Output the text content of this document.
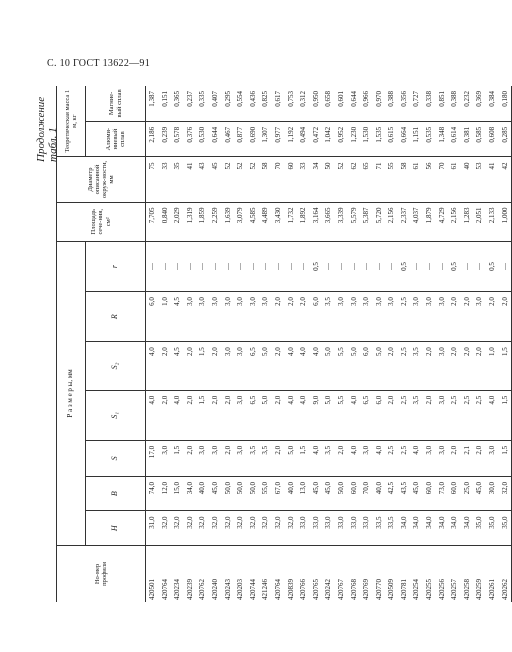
С. 10 ГОСТ 13622—91
Продолжение табл. 1
Но-мер
профиля	Р а з м е р ы, мм							Площадь сече-ния, см²	Диаметр описанной окруж-ности, мм	Теоретическая масса 1 м, кг	
	H	B	S	S₁	S₂	R	r			Алюми-ниевый сплав	Магние-вый сплав
420501	31,0	74,0	17,0	4,0	4,0	6,0	—	7,705	75	2,186	1,387
420764	32,0	12,0	3,0	2,0	2,0	1,0	—	0,840	33	0,239	0,151
420234	32,0	15,0	1,5	4,0	4,5	4,5	—	2,029	35	0,578	0,365
420239	32,0	34,0	2,0	2,0	2,0	3,0	—	1,319	41	0,376	0,237
420762	32,0	40,0	3,0	1,5	1,5	3,0	—	1,859	43	0,530	0,335
420240	32,0	45,0	3,0	2,0	2,0	3,0	—	2,259	45	0,644	0,407
420243	32,0	50,0	2,0	2,0	3,0	3,0	—	1,639	52	0,467	0,295
420203	32,0	50,0	3,0	3,0	3,0	3,0	—	3,079	52	0,877	0,554
420744	32,0	50,0	3,5	6,5	6,5	3,0	—	4,585	52	0,690	0,436
421246	32,0	55,0	3,5	5,0	5,0	3,0	—	4,489	58	1,307	0,825
420764	32,0	67,0	2,0	2,0	2,0	2,0	—	3,430	70	0,977	0,617
420839	32,0	40,0	5,0	4,0	4,0	2,0	—	1,732	60	1,192	0,753
420766	33,0	13,0	1,5	4,0	4,0	2,0	—	1,892	33	0,494	0,312
420765	33,0	45,0	4,0	9,0	4,0	6,0	0,5	3,164	34	0,472	0,950
420242	33,0	45,0	3,5	5,0	5,0	3,5	—	3,665	50	1,042	0,658
420767	33,0	50,0	2,0	5,5	5,5	3,0	—	3,339	52	0,952	0,601
420768	33,0	60,0	4,0	4,0	5,0	3,0	—	5,579	62	1,230	0,644
420769	33,0	70,0	3,0	6,5	6,0	3,0	—	5,387	65	1,530	0,966
420770	33,5	40,0	4,0	6,0	5,0	3,0	—	5,720	71	1,535	0,970
420509	33,5	42,5	2,5	2,0	2,0	3,0	—	2,156	55	0,615	0,388
420781	34,0	43,5	2,5	2,5	2,5	2,5	0,5	2,337	58	0,664	0,356
420254	34,0	45,0	4,0	3,5	3,5	3,0	—	4,037	61	1,151	0,727
420255	34,0	60,0	3,0	2,0	2,0	3,0	—	1,879	56	0,535	0,338
420256	34,0	73,0	3,0	3,0	3,0	3,0	—	4,729	70	1,348	0,851
420257	34,0	60,0	2,0	2,5	2,0	2,0	0,5	2,156	61	0,614	0,388
420258	34,0	25,0	2,1	2,5	2,0	2,0	—	1,283	40	0,381	0,232
420259	35,0	45,0	2,0	2,5	2,0	3,0	—	2,051	53	0,585	0,369
420261	35,0	30,0	3,0	4,0	1,0	2,0	0,5	2,133	41	0,608	0,384
420262	35,0	32,0	1,5	1,5	1,5	2,0	—	1,000	42	0,285	0,180
